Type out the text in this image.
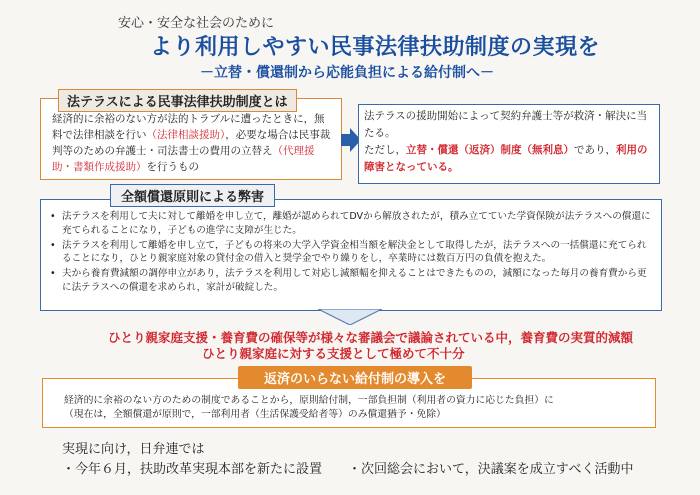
安心・安全な社会のために
より利用しやすい民事法律扶助制度の実現を
－立替・償還制から応能負担による給付制へ－
法テラスによる民事法律扶助制度とは
経済的に余裕のない方が法的トラブルに遭ったときに，無料で法律相談を行い（法律相談援助），必要な場合は民事裁判等のための弁護士・司法書士の費用の立替え（代理援助・書類作成援助）を行うもの
法テラスの援助開始によって契約弁護士等が救済・解決に当たる。
ただし，立替・償還（返済）制度（無利息）であり，利用の障害となっている。
全額償還原則による弊害
• 法テラスを利用して夫に対して離婚を申し立て，離婚が認められてDVから解放されたが，積み立てていた学資保険が法テラスへの償還に充てられることになり，子どもの進学に支障が生じた。
• 法テラスを利用して離婚を申し立て，子どもの将来の大学入学資金相当額を解決金として取得したが，法テラスへの一括償還に充てられることになり，ひとり親家庭対象の貸付金の借入と奨学金でやり繰りをし，卒業時には数百万円の負債を抱えた。
• 夫から養育費減額の調停申立があり，法テラスを利用して対応し減額幅を抑えることはできたものの，減額になった毎月の養育費から更に法テラスへの償還を求められ，家計が破綻した。
ひとり親家庭支援・養育費の確保等が様々な審議会で議論されている中，養育費の実質的減額
ひとり親家庭に対する支援として極めて不十分
返済のいらない給付制の導入を
経済的に余裕のない方のための制度であることから，原則給付制，一部負担制（利用者の資力に応じた負担）に
（現在は，全額償還が原則で，一部利用者（生活保護受給者等）のみ償還猶予・免除）
実現に向け，日弁連では
・今年６月，扶助改革実現本部を新たに設置 ・次回総会において，決議案を成立すべく活動中
